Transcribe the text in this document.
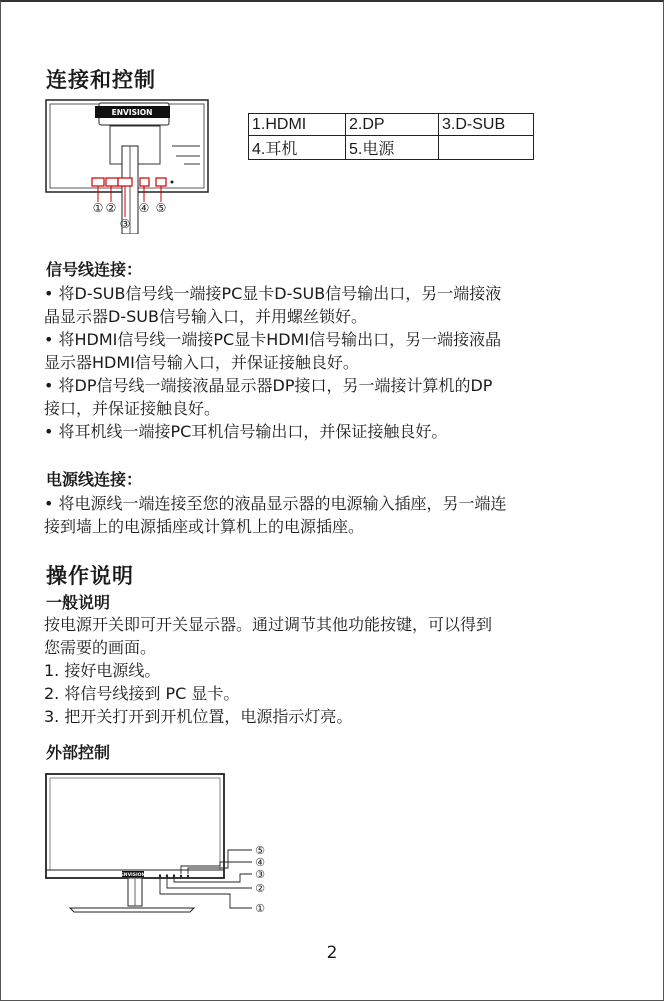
连接和控制
ENVISION
① ②
③
④ ⑤
1.HDMI	2.DP	3.D-SUB
4.耳机	5.电源	
信号线连接：

• 将D-SUB信号线一端接PC显卡D-SUB信号输出口，另一端接液

晶显示器D-SUB信号输入口，并用螺丝锁好。

• 将HDMI信号线一端接PC显卡HDMI信号输出口，另一端接液晶

显示器HDMI信号输入口，并保证接触良好。

• 将DP信号线一端接液晶显示器DP接口，另一端接计算机的DP

接口，并保证接触良好。

• 将耳机线一端接PC耳机信号输出口，并保证接触良好。

电源线连接：

• 将电源线一端连接至您的液晶显示器的电源输入插座，另一端连

接到墙上的电源插座或计算机上的电源插座。

操作说明
一般说明

按电源开关即可开关显示器。通过调节其他功能按键，可以得到

您需要的画面。

1. 接好电源线。

2. 将信号线接到 PC 显卡。

3. 把开关打开到开机位置，电源指示灯亮。

外部控制
ENVISION
⑤
④
③
②
①
2
